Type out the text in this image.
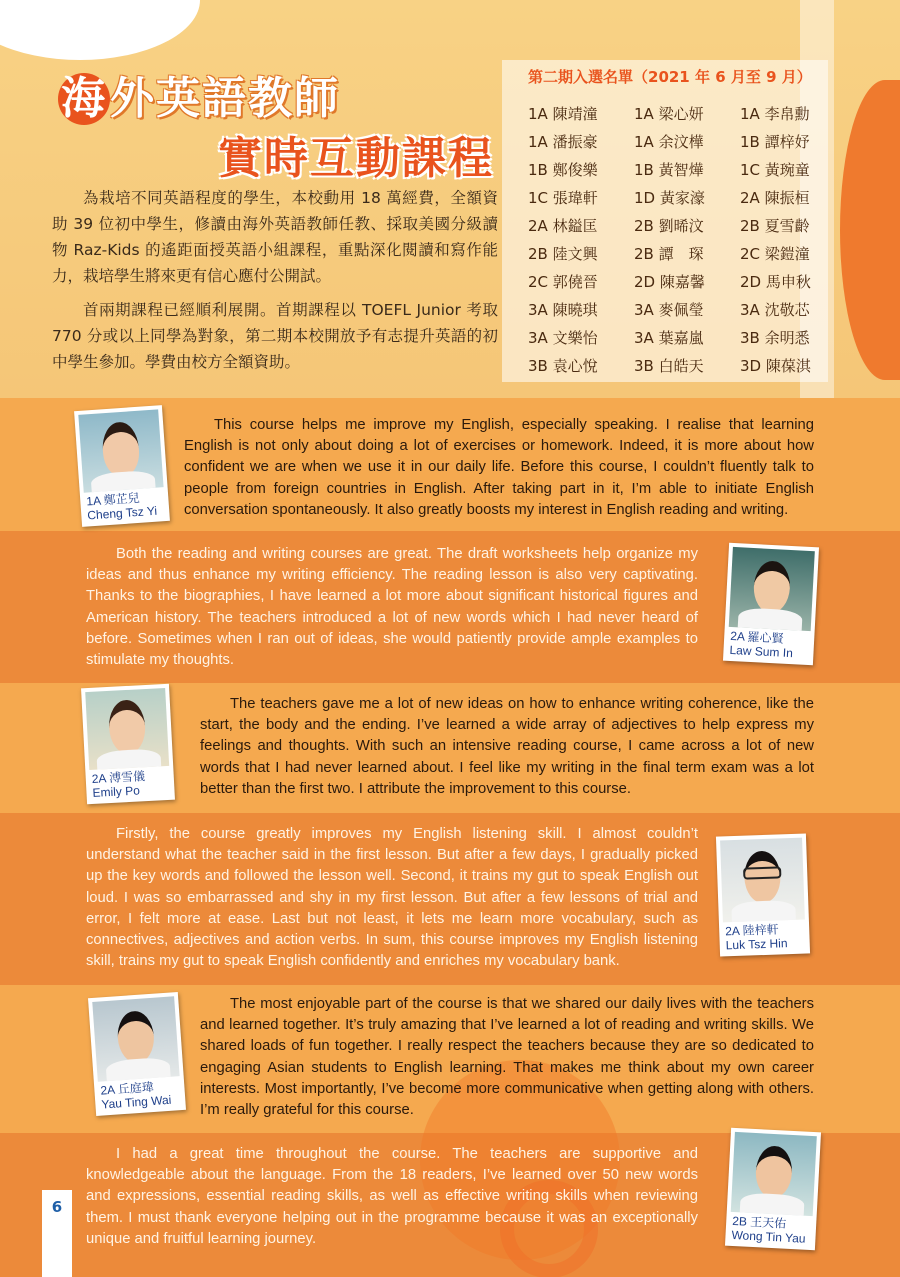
海外英語教師
實時互動課程

為栽培不同英語程度的學生，本校動用 18 萬經費，全額資助 39 位初中學生，修讀由海外英語教師任教、採取美國分級讀物 Raz-Kids 的遙距面授英語小組課程，重點深化閱讀和寫作能力，栽培學生將來更有信心應付公開試。

首兩期課程已經順利展開。首期課程以 TOEFL Junior 考取 770 分或以上同學為對象，第二期本校開放予有志提升英語的初中學生參加。學費由校方全額資助。

第二期入選名單（2021 年 6 月至 9 月）
1A 陳靖潼	1A 梁心妍	1A 李帛勳
1A 潘振豪	1A 余汶樺	1B 譚梓妤
1B 鄭俊樂	1B 黃智燁	1C 黃琬童
1C 張瑋軒	1D 黃家濠	2A 陳振桓
2A 林鎰匡	2B 劉晞汶	2B 夏雪齡
2B 陸文興	2B 譚　琛	2C 梁鎧潼
2C 郭僥晉	2D 陳嘉馨	2D 馬申秋
3A 陳曉琪	3A 麥佩瑩	3A 沈敬芯
3A 文樂怡	3A 葉嘉嵐	3B 余明悉
3B 袁心悅	3B 白皓天	3D 陳葆淇
This course helps me improve my English, especially speaking. I realise that learning English is not only about doing a lot of exercises or homework. Indeed, it is more about how confident we are when we use it in our daily life. Before this course, I couldn’t fluently talk to people from foreign countries in English. After taking part in it, I’m able to initiate English conversation spontaneously. It also greatly boosts my interest in English reading and writing.
1A 鄭芷兒
Cheng Tsz Yi
Both the reading and writing courses are great. The draft worksheets help organize my ideas and thus enhance my writing efficiency. The reading lesson is also very captivating. Thanks to the biographies, I have learned a lot more about significant historical figures and American history. The teachers introduced a lot of new words which I had never heard of before. Sometimes when I ran out of ideas, she would patiently provide ample examples to stimulate my thoughts.
2A 羅心賢
Law Sum In
The teachers gave me a lot of new ideas on how to enhance writing coherence, like the start, the body and the ending. I’ve learned a wide array of adjectives to help express my feelings and thoughts. With such an intensive reading course, I came across a lot of new words that I had never learned about. I feel like my writing in the final term exam was a lot better than the first two. I attribute the improvement to this course.
2A 溥雪儀
Emily Po
Firstly, the course greatly improves my English listening skill. I almost couldn’t understand what the teacher said in the first lesson. But after a few days, I gradually picked up the key words and followed the lesson well. Second, it trains my gut to speak English out loud. I was so embarrassed and shy in my first lesson. But after a few lessons of trial and error, I felt more at ease. Last but not least, it lets me learn more vocabulary, such as connectives, adjectives and action verbs. In sum, this course improves my English listening skill, trains my gut to speak English confidently and enriches my vocabulary bank.
2A 陸梓軒
Luk Tsz Hin
The most enjoyable part of the course is that we shared our daily lives with the teachers and learned together. It’s truly amazing that I’ve learned a lot of reading and writing skills. We shared loads of fun together. I really respect the teachers because they are so dedicated to engaging Asian students to English learning. That makes me think about my own career interests. Most importantly, I’ve become more communicative when getting along with others. I’m really grateful for this course.
2A 丘庭瑋
Yau Ting Wai
I had a great time throughout the course. The teachers are supportive and knowledgeable about the language. From the 18 readers, I’ve learned over 50 new words and expressions, essential reading skills, as well as effective writing skills when reviewing them. I must thank everyone helping out in the programme because it was an exceptionally unique and fruitful learning journey.
2B 王天佑
Wong Tin Yau
6
